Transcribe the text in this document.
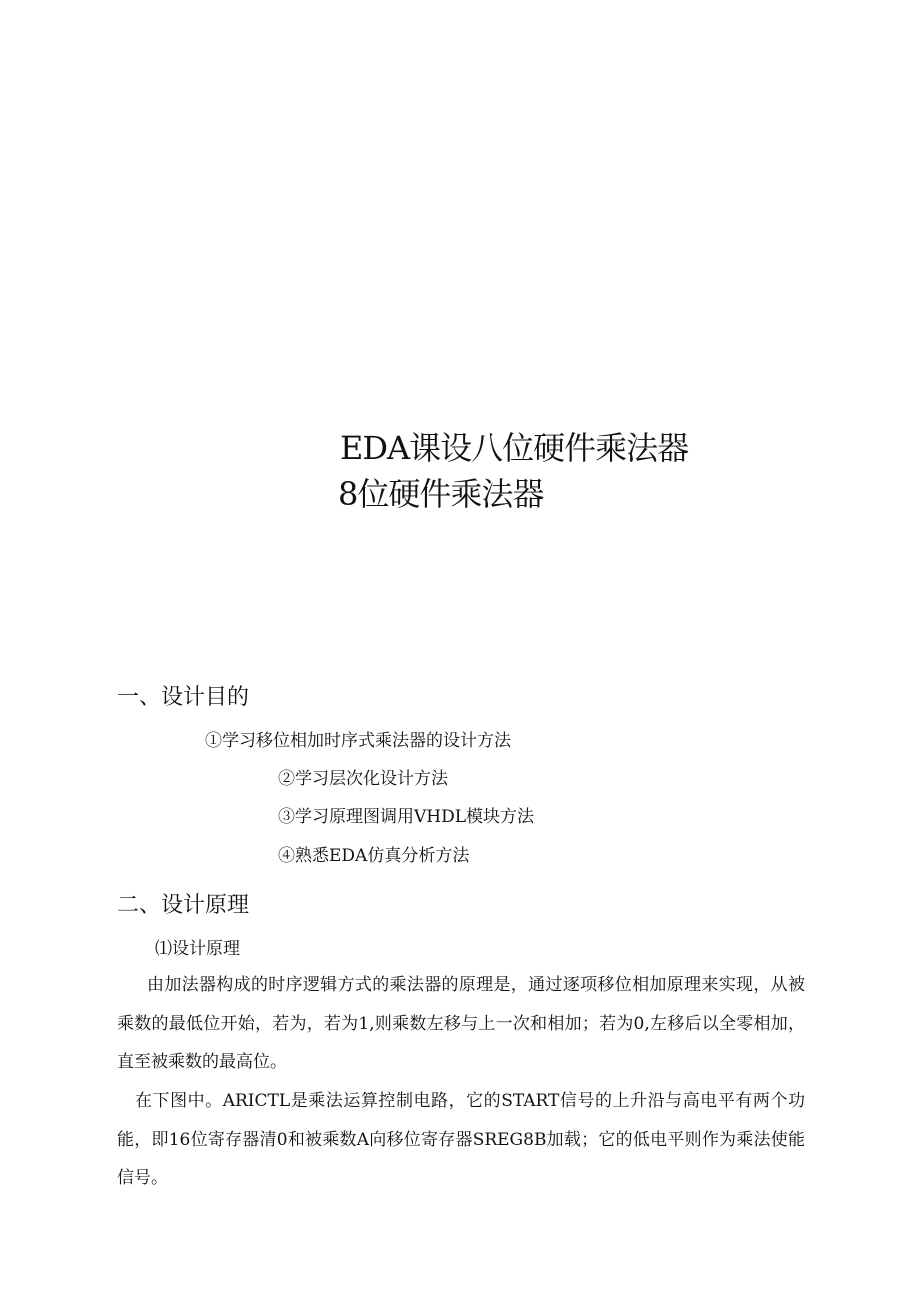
EDA课设八位硬件乘法器
8位硬件乘法器
一、设计目的
①学习移位相加时序式乘法器的设计方法
②学习层次化设计方法
③学习原理图调用VHDL模块方法
④熟悉EDA仿真分析方法
二、设计原理
⑴设计原理
由加法器构成的时序逻辑方式的乘法器的原理是，通过逐项移位相加原理来实现，从被乘数的最低位开始，若为，若为1,则乘数左移与上一次和相加；若为0,左移后以全零相加，直至被乘数的最高位。
在下图中。ARICTL是乘法运算控制电路，它的START信号的上升沿与高电平有两个功能，即16位寄存器清0和被乘数A向移位寄存器SREG8B加载；它的低电平则作为乘法使能信号。
